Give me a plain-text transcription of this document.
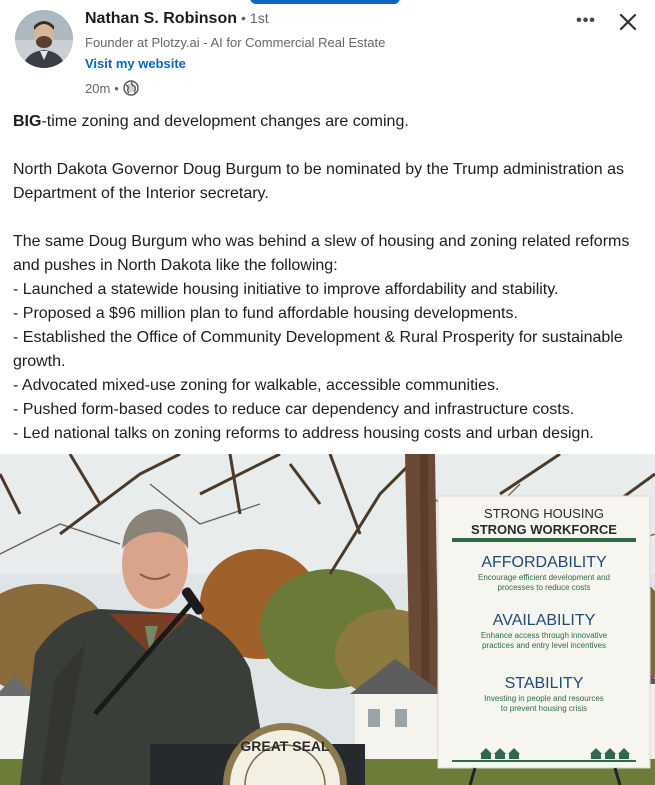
Nathan S. Robinson • 1st
Founder at Plotzy.ai - AI for Commercial Real Estate
Visit my website
20m •
•••

BIG-time zoning and development changes are coming.

North Dakota Governor Doug Burgum to be nominated by the Trump administration as Department of the Interior secretary.

The same Doug Burgum who was behind a slew of housing and zoning related reforms and pushes in North Dakota like the following:

- Launched a statewide housing initiative to improve affordability and stability.

- Proposed a $96 million plan to fund affordable housing developments.

- Established the Office of Community Development & Rural Prosperity for sustainable growth.

- Advocated mixed-use zoning for walkable, accessible communities.

- Pushed form-based codes to reduce car dependency and infrastructure costs.

- Led national talks on zoning reforms to address housing costs and urban design.

GREAT SEAL
STRONG HOUSING
STRONG WORKFORCE
AFFORDABILITY
Encourage efficient development and
processes to reduce costs
AVAILABILITY
Enhance access through innovative
practices and entry level incentives
STABILITY
Investing in people and resources
to prevent housing crisis
